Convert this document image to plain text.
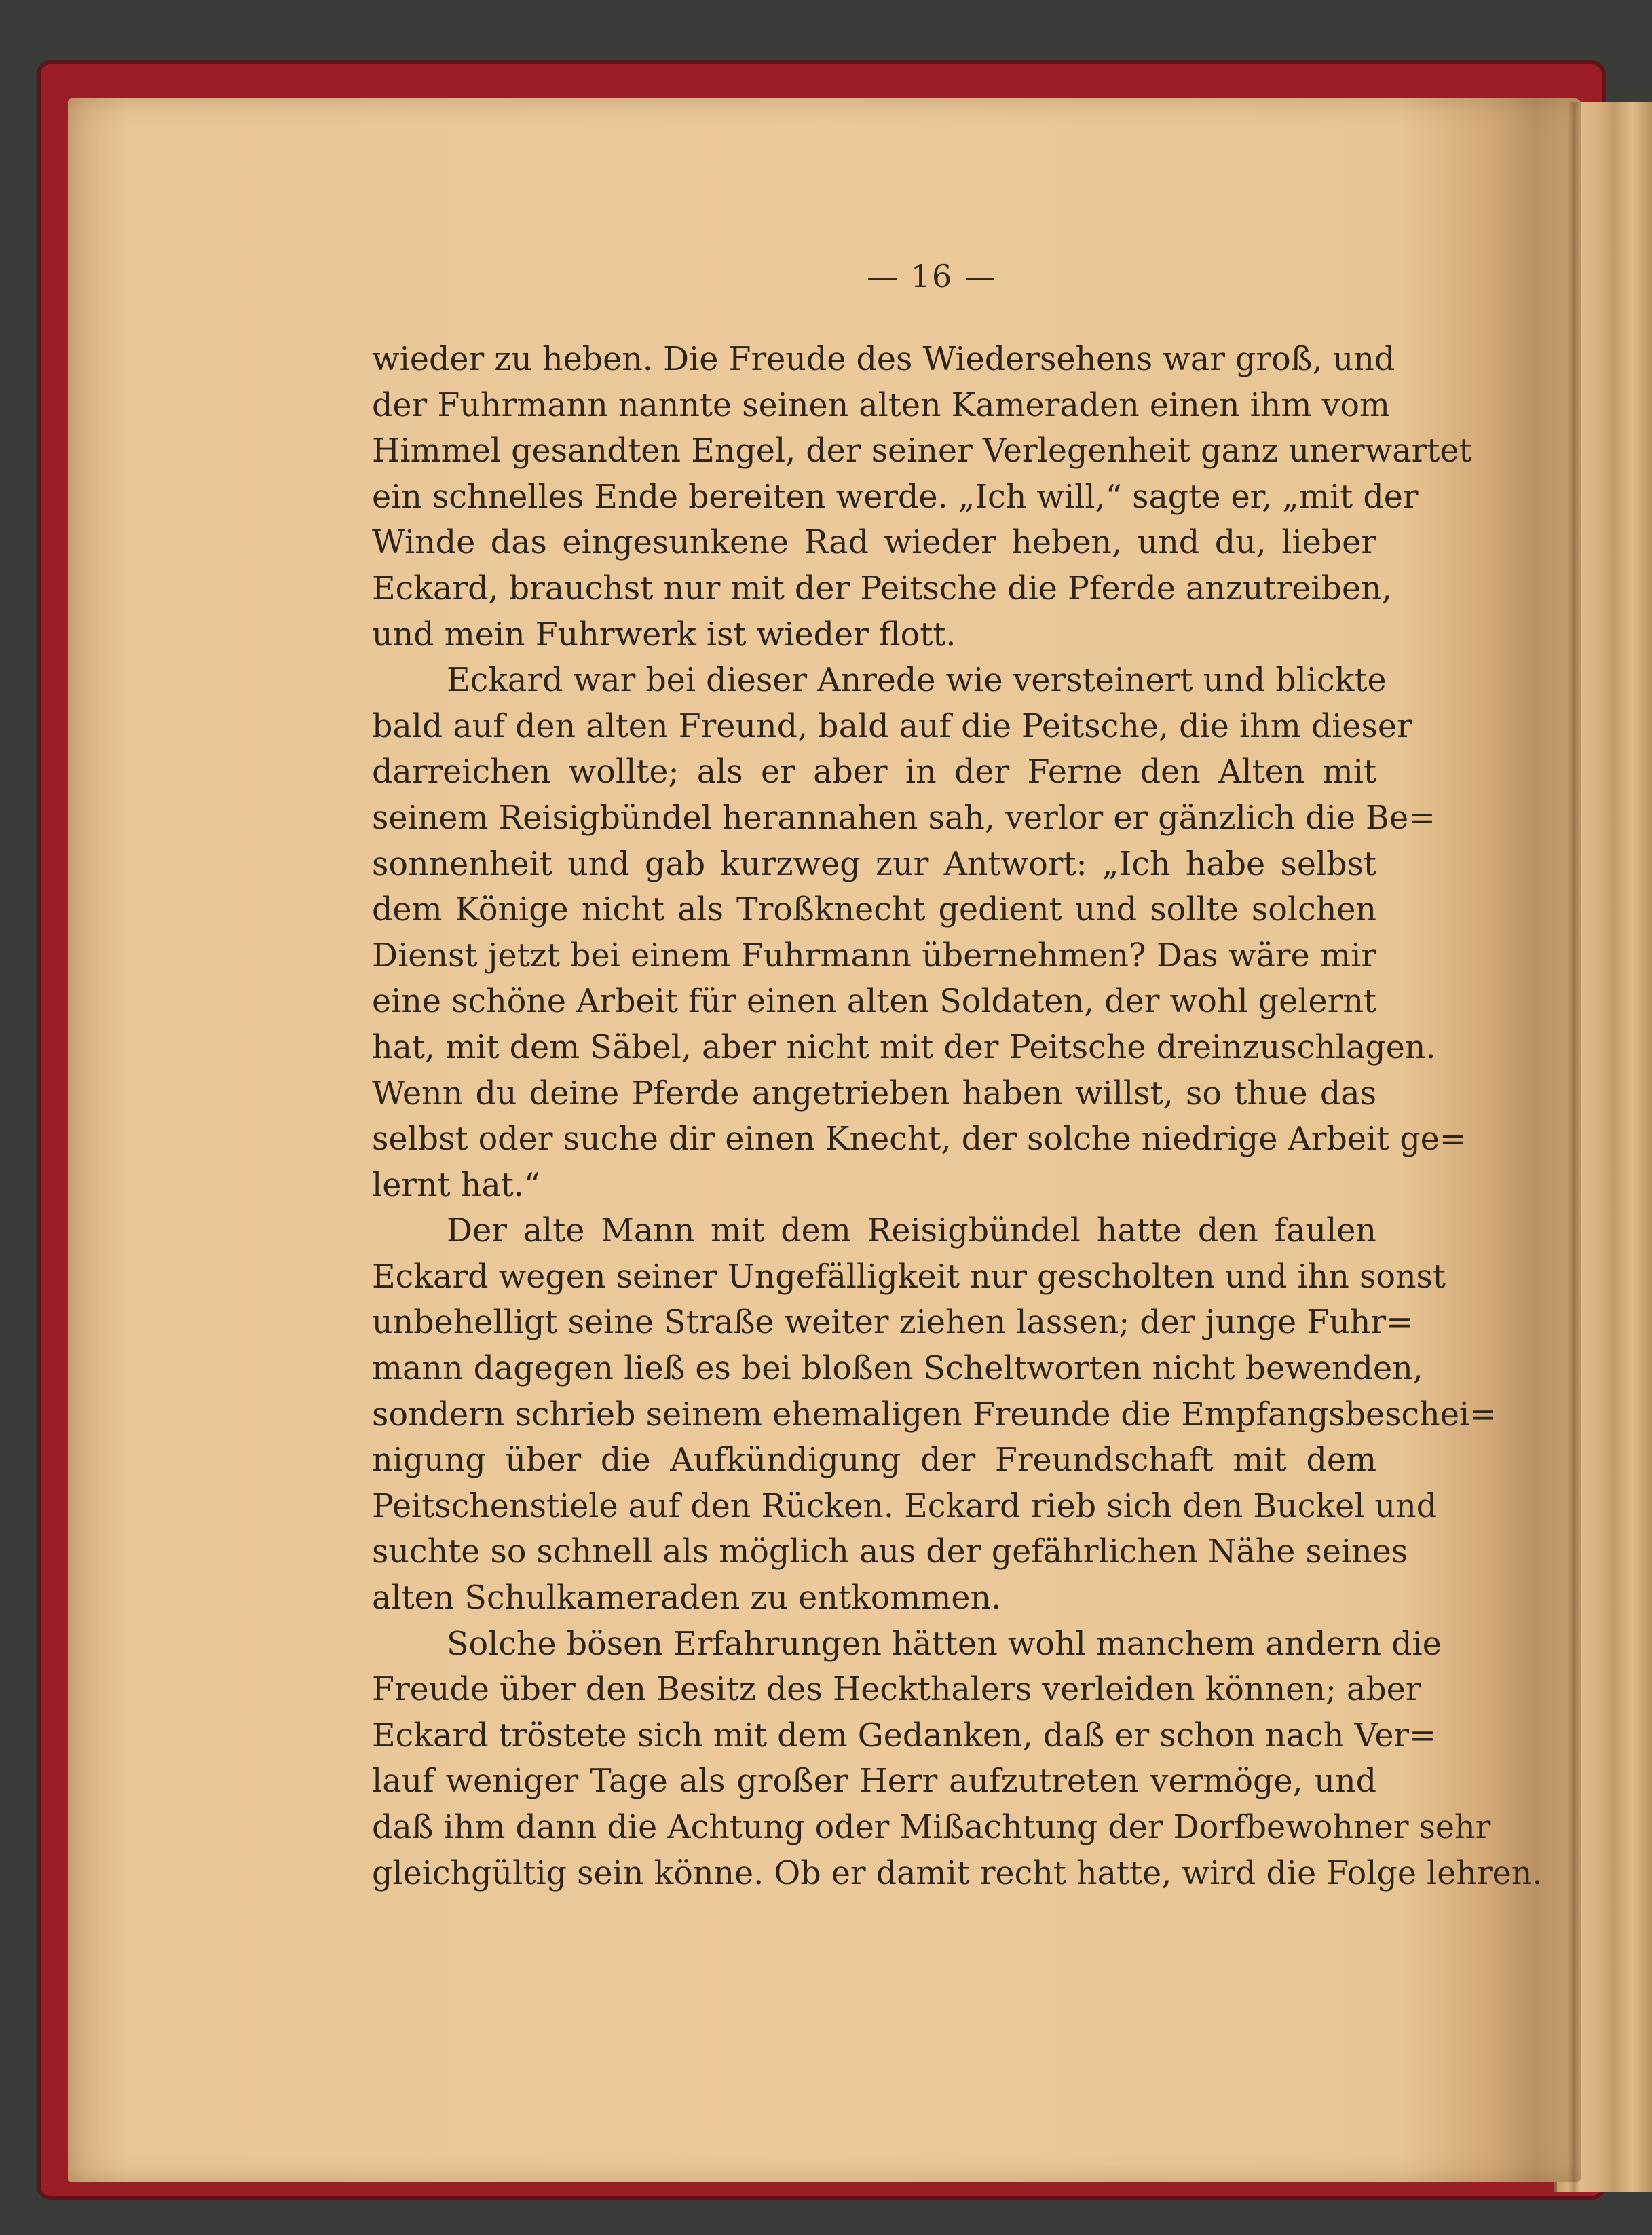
— 16 —
wieder zu heben. Die Freude des Wiedersehens war groß, und
der Fuhrmann nannte seinen alten Kameraden einen ihm vom
Himmel gesandten Engel, der seiner Verlegenheit ganz unerwartet
ein schnelles Ende bereiten werde. „Ich will,“ sagte er, „mit der
Winde das eingesunkene Rad wieder heben, und du, lieber
Eckard, brauchst nur mit der Peitsche die Pferde anzutreiben,
und mein Fuhrwerk ist wieder flott.
Eckard war bei dieser Anrede wie versteinert und blickte
bald auf den alten Freund, bald auf die Peitsche, die ihm dieser
darreichen wollte; als er aber in der Ferne den Alten mit
seinem Reisigbündel herannahen sah, verlor er gänzlich die Be=
sonnenheit und gab kurzweg zur Antwort: „Ich habe selbst
dem Könige nicht als Troßknecht gedient und sollte solchen
Dienst jetzt bei einem Fuhrmann übernehmen? Das wäre mir
eine schöne Arbeit für einen alten Soldaten, der wohl gelernt
hat, mit dem Säbel, aber nicht mit der Peitsche dreinzuschlagen.
Wenn du deine Pferde angetrieben haben willst, so thue das
selbst oder suche dir einen Knecht, der solche niedrige Arbeit ge=
lernt hat.“
Der alte Mann mit dem Reisigbündel hatte den faulen
Eckard wegen seiner Ungefälligkeit nur gescholten und ihn sonst
unbehelligt seine Straße weiter ziehen lassen; der junge Fuhr=
mann dagegen ließ es bei bloßen Scheltworten nicht bewenden,
sondern schrieb seinem ehemaligen Freunde die Empfangsbeschei=
nigung über die Aufkündigung der Freundschaft mit dem
Peitschenstiele auf den Rücken. Eckard rieb sich den Buckel und
suchte so schnell als möglich aus der gefährlichen Nähe seines
alten Schulkameraden zu entkommen.
Solche bösen Erfahrungen hätten wohl manchem andern die
Freude über den Besitz des Heckthalers verleiden können; aber
Eckard tröstete sich mit dem Gedanken, daß er schon nach Ver=
lauf weniger Tage als großer Herr aufzutreten vermöge, und
daß ihm dann die Achtung oder Mißachtung der Dorfbewohner sehr
gleichgültig sein könne. Ob er damit recht hatte, wird die Folge lehren.
